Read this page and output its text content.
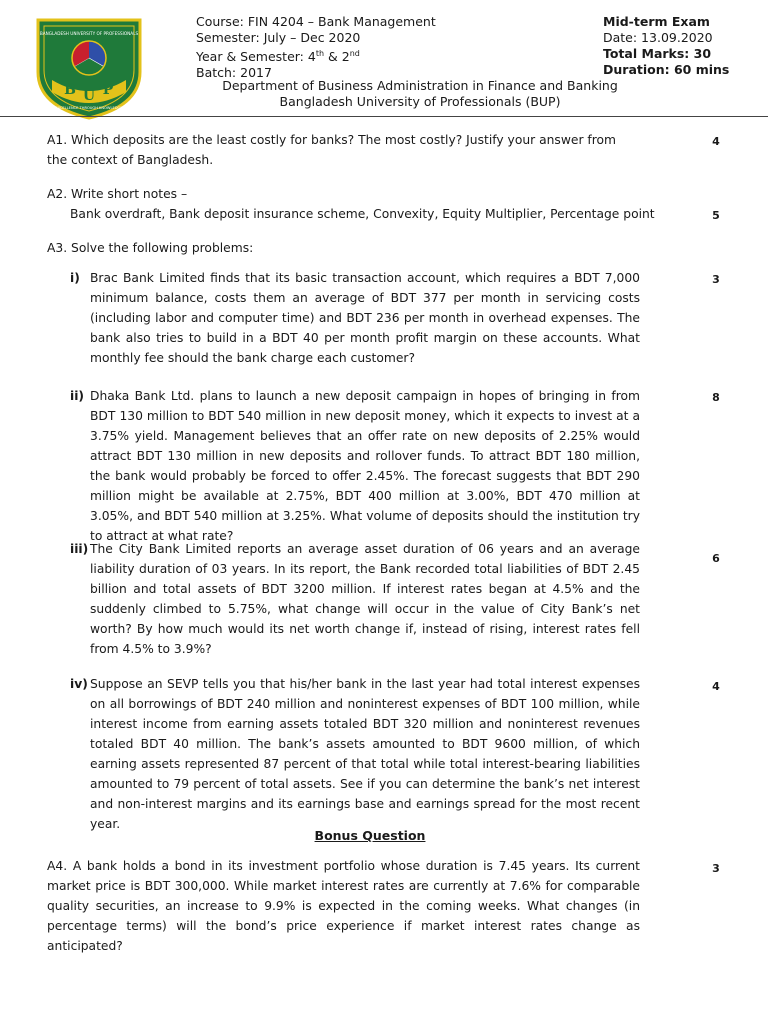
BANGLADESH UNIVERSITY OF PROFESSIONALS
B U P
EXCELLENCE THROUGH KNOWLEDGE
Course: FIN 4204 – Bank Management
Semester: July – Dec 2020
Year & Semester: 4th & 2nd
Batch: 2017
Mid-term Exam
Date: 13.09.2020
Total Marks: 30
Duration: 60 mins
Department of Business Administration in Finance and Banking
Bangladesh University of Professionals (BUP)
A1. Which deposits are the least costly for banks? The most costly? Justify your answer from the context of Bangladesh.
4
A2. Write short notes –
Bank overdraft, Bank deposit insurance scheme, Convexity, Equity Multiplier, Percentage point	5
A3. Solve the following problems:
i) Brac Bank Limited finds that its basic transaction account, which requires a BDT 7,000 minimum balance, costs them an average of BDT 377 per month in servicing costs (including labor and computer time) and BDT 236 per month in overhead expenses. The bank also tries to build in a BDT 40 per month profit margin on these accounts. What monthly fee should the bank charge each customer?
3
ii) Dhaka Bank Ltd. plans to launch a new deposit campaign in hopes of bringing in from BDT 130 million to BDT 540 million in new deposit money, which it expects to invest at a 3.75% yield. Management believes that an offer rate on new deposits of 2.25% would attract BDT 130 million in new deposits and rollover funds. To attract BDT 180 million, the bank would probably be forced to offer 2.45%. The forecast suggests that BDT 290 million might be available at 2.75%, BDT 400 million at 3.00%, BDT 470 million at 3.05%, and BDT 540 million at 3.25%. What volume of deposits should the institution try to attract at what rate?
8
iii) The City Bank Limited reports an average asset duration of 06 years and an average liability duration of 03 years. In its report, the Bank recorded total liabilities of BDT 2.45 billion and total assets of BDT 3200 million. If interest rates began at 4.5% and the suddenly climbed to 5.75%, what change will occur in the value of City Bank’s net worth? By how much would its net worth change if, instead of rising, interest rates fell from 4.5% to 3.9%?
6
iv) Suppose an SEVP tells you that his/her bank in the last year had total interest expenses on all borrowings of BDT 240 million and noninterest expenses of BDT 100 million, while interest income from earning assets totaled BDT 320 million and noninterest revenues totaled BDT 40 million. The bank’s assets amounted to BDT 9600 million, of which earning assets represented 87 percent of that total while total interest-bearing liabilities amounted to 79 percent of total assets. See if you can determine the bank’s net interest and non-interest margins and its earnings base and earnings spread for the most recent year.
4
Bonus Question
A4. A bank holds a bond in its investment portfolio whose duration is 7.45 years. Its current market price is BDT 300,000. While market interest rates are currently at 7.6% for comparable quality securities, an increase to 9.9% is expected in the coming weeks. What changes (in percentage terms) will the bond’s price experience if market interest rates change as anticipated?
3
